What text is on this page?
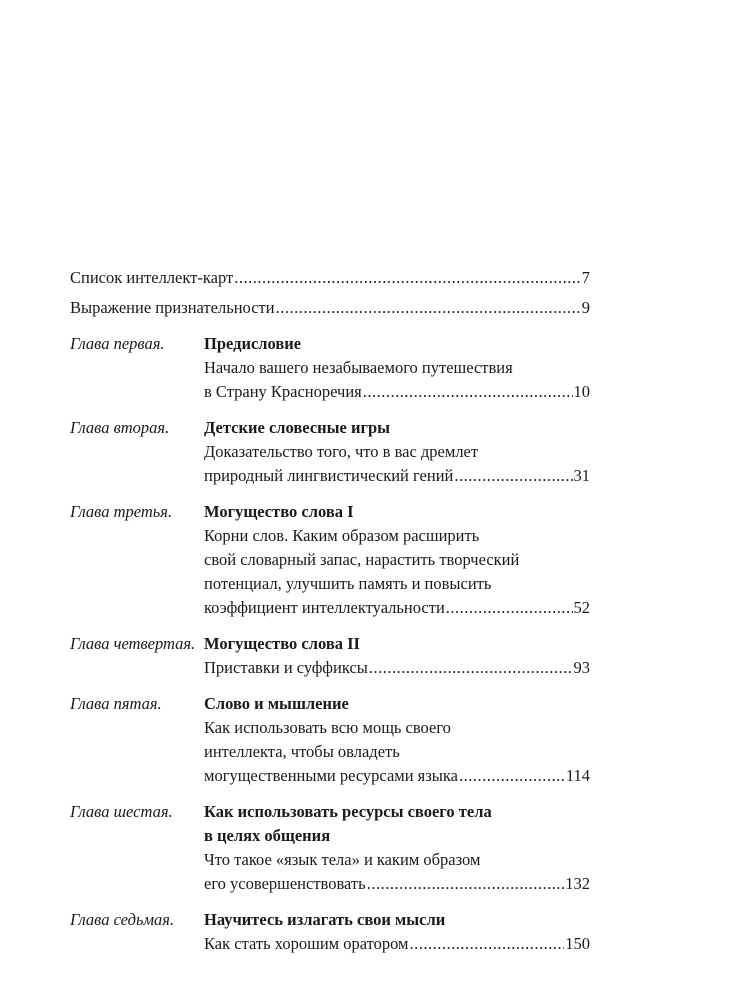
Список интеллект-карт .....	7
Выражение признательности .....	9
Глава первая.	Предисловие
Начало вашего незабываемого путешествия
в Страну Красноречия .....	10
Глава вторая.	Детские словесные игры
Доказательство того, что в вас дремлет
природный лингвистический гений .....	31
Глава третья.	Могущество слова I
Корни слов. Каким образом расширить
свой словарный запас, нарастить творческий
потенциал, улучшить память и повысить
коэффициент интеллектуальности .....	52
Глава четвертая. Могущество слова II
Приставки и суффиксы .....	93
Глава пятая.	Слово и мышление
Как использовать всю мощь своего
интеллекта, чтобы овладеть
могущественными ресурсами языка .....	114
Глава шестая.	Как использовать ресурсы своего тела
в целях общения
Что такое «язык тела» и каким образом
его усовершенствовать .....	132
Глава седьмая.	Научитесь излагать свои мысли
Как стать хорошим оратором .....	150
